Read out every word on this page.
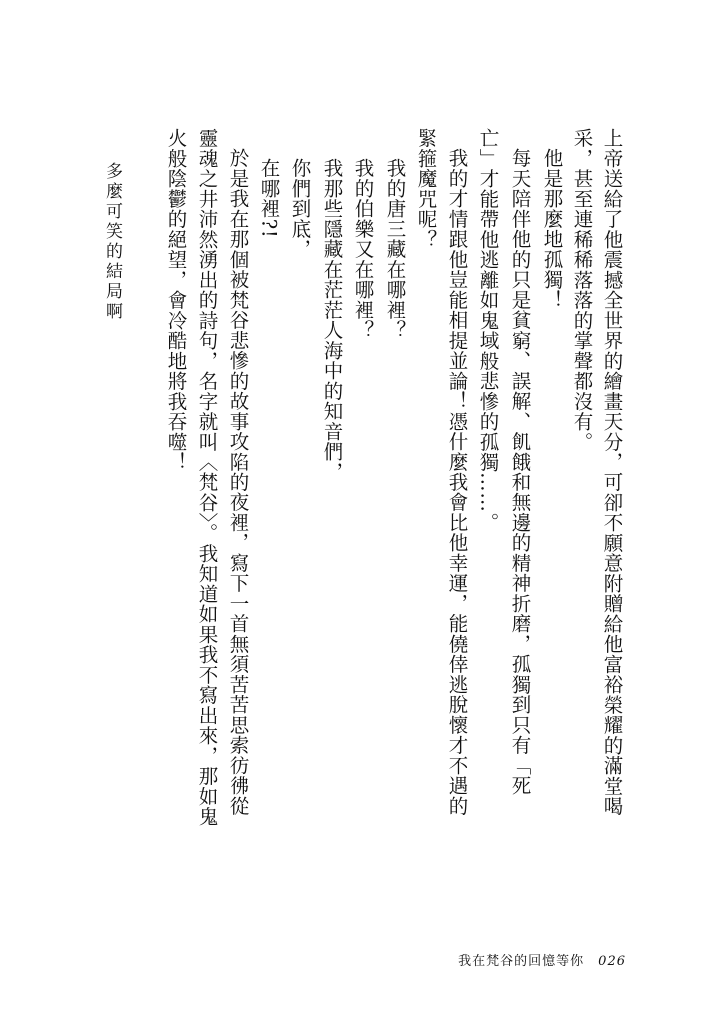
上帝送給了他震撼全世界的繪畫天分，可卻不願意附贈給他富裕榮耀的滿堂喝
采，甚至連稀稀落落的掌聲都沒有。
他是那麼地孤獨！
每天陪伴他的只是貧窮、誤解、飢餓和無邊的精神折磨，孤獨到只有「死
亡」才能帶他逃離如鬼域般悲慘的孤獨……。
我的才情跟他豈能相提並論！憑什麼我會比他幸運，能僥倖逃脫懷才不遇的
緊箍魔咒呢？
我的唐三藏在哪裡？
我的伯樂又在哪裡？
我那些隱藏在茫茫人海中的知音們，
你們到底，
在哪裡?!
於是我在那個被梵谷悲慘的故事攻陷的夜裡，寫下一首無須苦苦思索彷彿從
靈魂之井沛然湧出的詩句，名字就叫〈梵谷〉。我知道如果我不寫出來，那如鬼
火般陰鬱的絕望，會冷酷地將我吞噬！
多麼可笑的結局啊
我在梵谷的回憶等你 026
